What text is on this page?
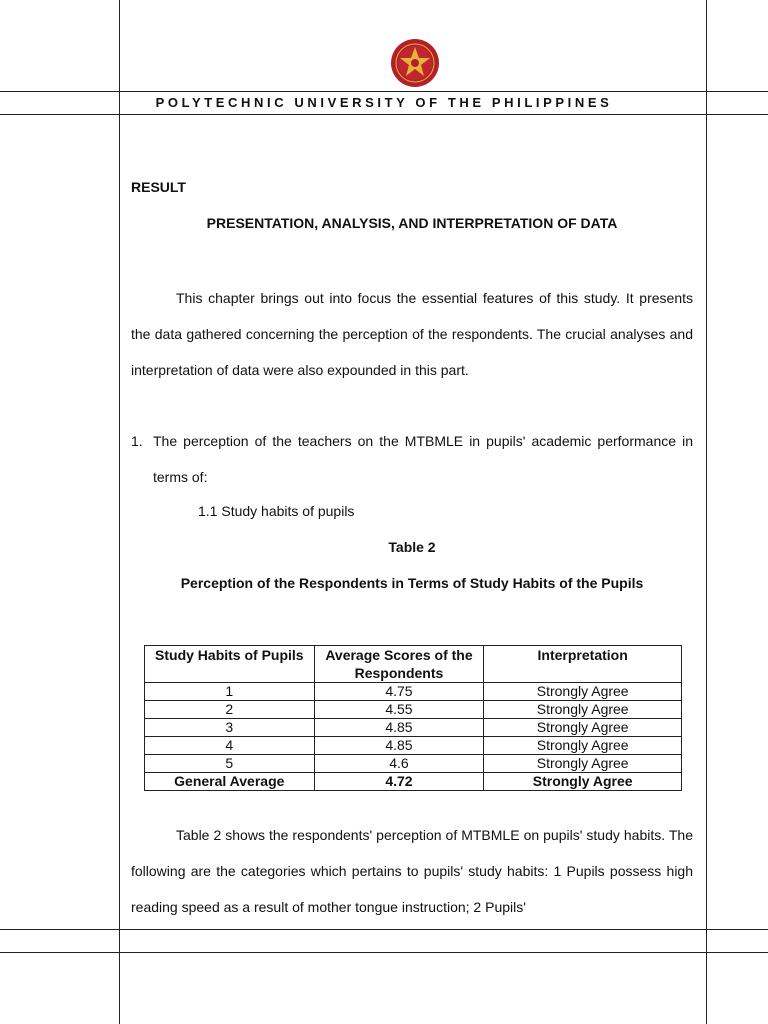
POLYTECHNIC UNIVERSITY OF THE PHILIPPINES
RESULT
PRESENTATION, ANALYSIS, AND INTERPRETATION OF DATA
This chapter brings out into focus the essential features of this study. It presents the data gathered concerning the perception of the respondents. The crucial analyses and interpretation of data were also expounded in this part.
1. The perception of the teachers on the MTBMLE in pupils' academic performance in terms of:
1.1 Study habits of pupils
Table 2
Perception of the Respondents in Terms of Study Habits of the Pupils
Study Habits of Pupils	Average Scores of the Respondents	Interpretation
1	4.75	Strongly Agree
2	4.55	Strongly Agree
3	4.85	Strongly Agree
4	4.85	Strongly Agree
5	4.6	Strongly Agree
General Average	4.72	Strongly Agree
Table 2 shows the respondents' perception of MTBMLE on pupils' study habits. The following are the categories which pertains to pupils' study habits: 1 Pupils possess high reading speed as a result of mother tongue instruction; 2 Pupils'
